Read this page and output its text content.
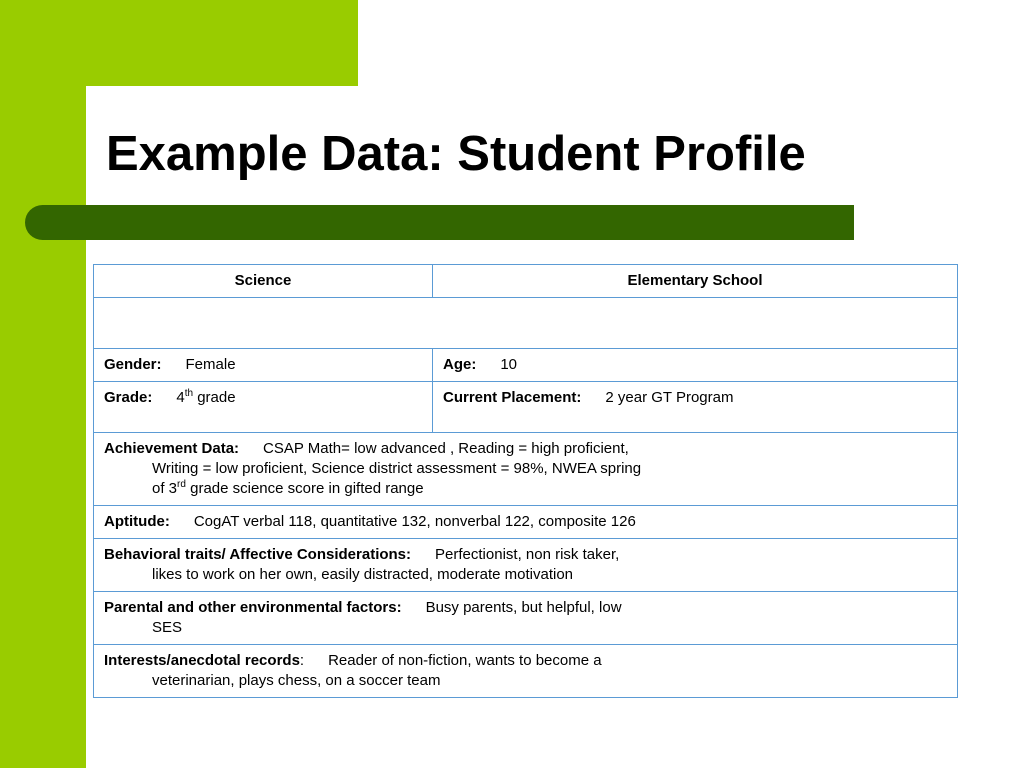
Example Data: Student Profile
Science	Elementary School

Gender: Female	Age: 10
Grade: 4th grade	Current Placement: 2 year GT Program
Achievement Data: CSAP Math= low advanced , Reading = high proficient,
Writing = low proficient, Science district assessment = 98%, NWEA spring
of 3rd grade science score in gifted range	

Aptitude: CogAT verbal 118, quantitative 132, nonverbal 122, composite 126	
Behavioral traits/ Affective Considerations: Perfectionist, non risk taker,
likes to work on her own, easily distracted, moderate motivation	

Parental and other environmental factors: Busy parents, but helpful, low
SES	

Interests/anecdotal records: Reader of non-fiction, wants to become a
veterinarian, plays chess, on a soccer team	
